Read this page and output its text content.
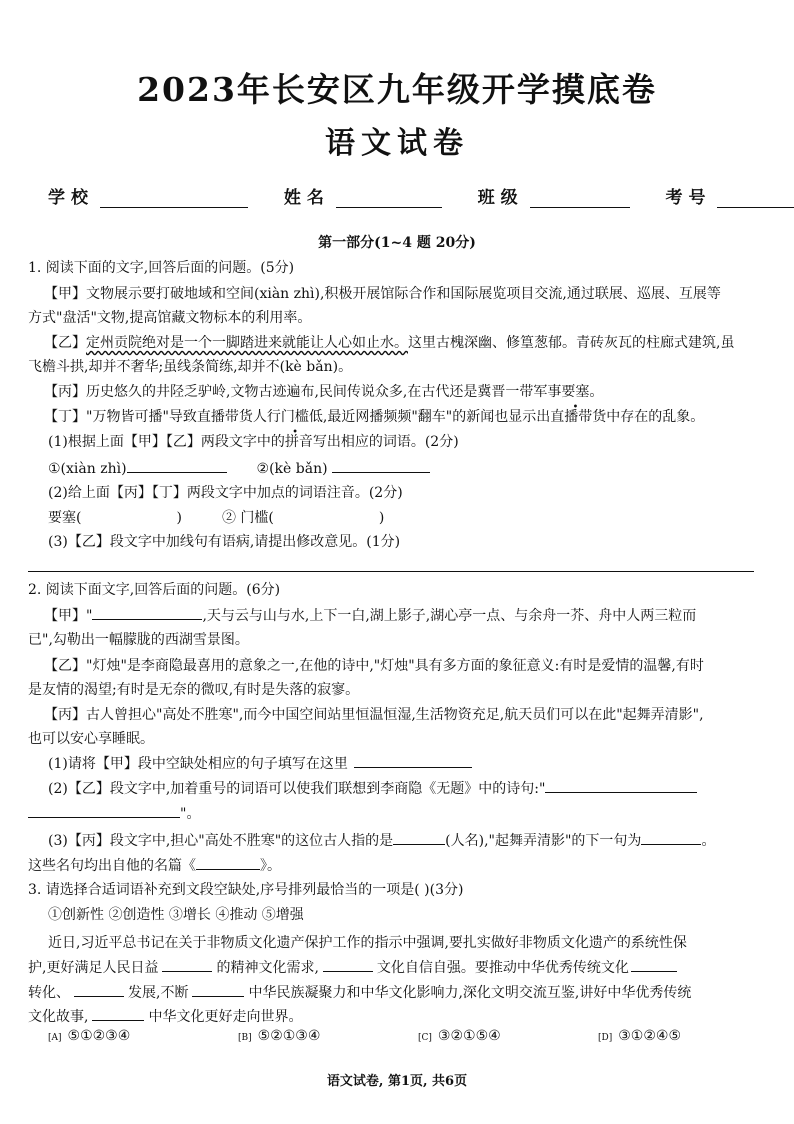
2023年长安区九年级开学摸底卷
语文试卷
学校	姓名	班级	考号
第一部分(1~4 题 20分)
1. 阅读下面的文字,回答后面的问题。(5分)
【甲】文物展示要打破地域和空间(xiàn zhì),积极开展馆际合作和国际展览项目交流,通过联展、巡展、互展等
方式"盘活"文物,提高馆藏文物标本的利用率。
【乙】定州贡院绝对是一个一脚踏进来就能让人心如止水。这里古槐深幽、修篁葱郁。青砖灰瓦的柱廊式建筑,虽
飞檐斗拱,却并不奢华;虽线条简练,却并不(kè bǎn)。
【丙】历史悠久的井陉乏驴岭,文物古迹遍布,民间传说众多,在古代还是冀晋一带军事要塞。
【丁】"万物皆可播"导致直播带货人行门槛低,最近网播频频"翻车"的新闻也显示出直播带货中存在的乱象。
(1)根据上面【甲】【乙】两段文字中的拼音写出相应的词语。(2分)
①(xiàn zhì)	②(kè bǎn)
(2)给上面【丙】【丁】两段文字中加点的词语注音。(2分)
要塞(	)	② 门槛(	)
(3)【乙】段文字中加线句有语病,请提出修改意见。(1分)
2. 阅读下面文字,回答后面的问题。(6分)
【甲】"	,天与云与山与水,上下一白,湖上影子,湖心亭一点、与余舟一芥、舟中人两三粒而
已",勾勒出一幅朦胧的西湖雪景图。
【乙】"灯烛"是李商隐最喜用的意象之一,在他的诗中,"灯烛"具有多方面的象征意义:有时是爱情的温馨,有时
是友情的渴望;有时是无奈的微叹,有时是失落的寂寥。
【丙】古人曾担心"高处不胜寒",而今中国空间站里恒温恒湿,生活物资充足,航天员们可以在此"起舞弄清影",
也可以安心享睡眠。
(1)请将【甲】段中空缺处相应的句子填写在这里
(2)【乙】段文字中,加着重号的词语可以使我们联想到李商隐《无题》中的诗句:"
"。
(3)【丙】段文字中,担心"高处不胜寒"的这位古人指的是	(人名),"起舞弄清影"的下一句为	。
这些名句均出自他的名篇《	》。
3. 请选择合适词语补充到文段空缺处,序号排列最恰当的一项是( )(3分)
①创新性 ②创造性 ③增长 ④推动 ⑤增强
近日,习近平总书记在关于非物质文化遗产保护工作的指示中强调,要扎实做好非物质文化遗产的系统性保
护,更好满足人民日益	的精神文化需求,	文化自信自强。要推动中华优秀传统文化
转化、	发展,不断	中华民族凝聚力和中华文化影响力,深化文明交流互鉴,讲好中华优秀传统
文化故事,	中华文化更好走向世界。
[A] ⑤①②③④	[B] ⑤②①③④	[C] ③②①⑤④	[D] ③①②④⑤
语文试卷, 第1页, 共6页
